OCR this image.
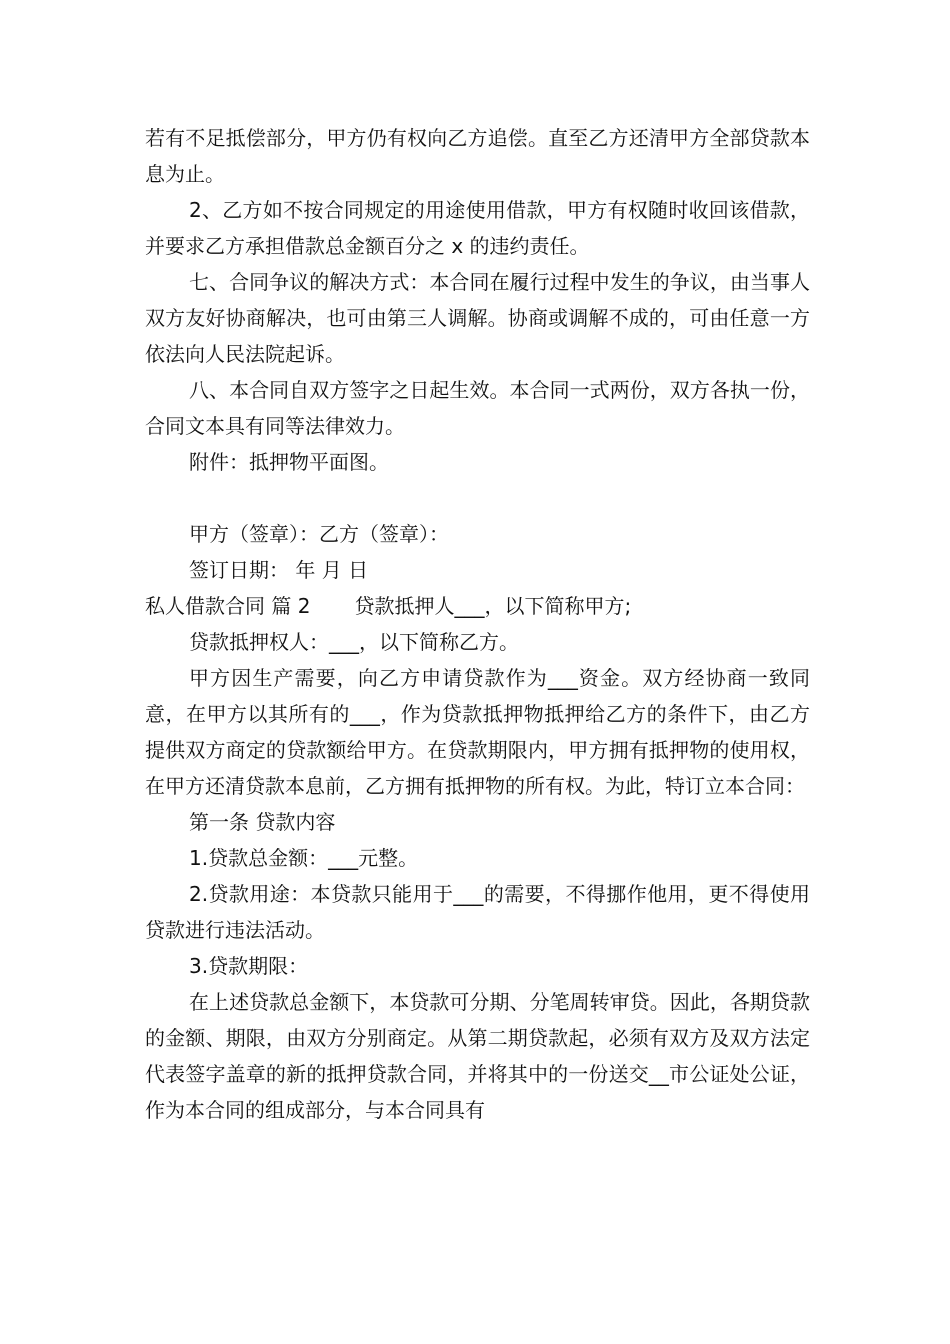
若有不足抵偿部分，甲方仍有权向乙方追偿。直至乙方还清甲方全部贷款本息为止。

2、乙方如不按合同规定的用途使用借款，甲方有权随时收回该借款，并要求乙方承担借款总金额百分之 x 的违约责任。

七、合同争议的解决方式：本合同在履行过程中发生的争议，由当事人双方友好协商解决，也可由第三人调解。协商或调解不成的，可由任意一方依法向人民法院起诉。

八、本合同自双方签字之日起生效。本合同一式两份，双方各执一份，合同文本具有同等法律效力。

附件：抵押物平面图。

甲方（签章）：乙方（签章）：

签订日期： 年 月 日

私人借款合同 篇 2 贷款抵押人___，以下简称甲方;

贷款抵押权人：___，以下简称乙方。

甲方因生产需要，向乙方申请贷款作为___资金。双方经协商一致同意，在甲方以其所有的___，作为贷款抵押物抵押给乙方的条件下，由乙方提供双方商定的贷款额给甲方。在贷款期限内，甲方拥有抵押物的使用权，在甲方还清贷款本息前，乙方拥有抵押物的所有权。为此，特订立本合同：

第一条 贷款内容

1.贷款总金额：___元整。

2.贷款用途：本贷款只能用于___的需要，不得挪作他用，更不得使用贷款进行违法活动。

3.贷款期限：

在上述贷款总金额下，本贷款可分期、分笔周转审贷。因此，各期贷款的金额、期限，由双方分别商定。从第二期贷款起，必须有双方及双方法定代表签字盖章的新的抵押贷款合同，并将其中的一份送交__市公证处公证，作为本合同的组成部分，与本合同具有
